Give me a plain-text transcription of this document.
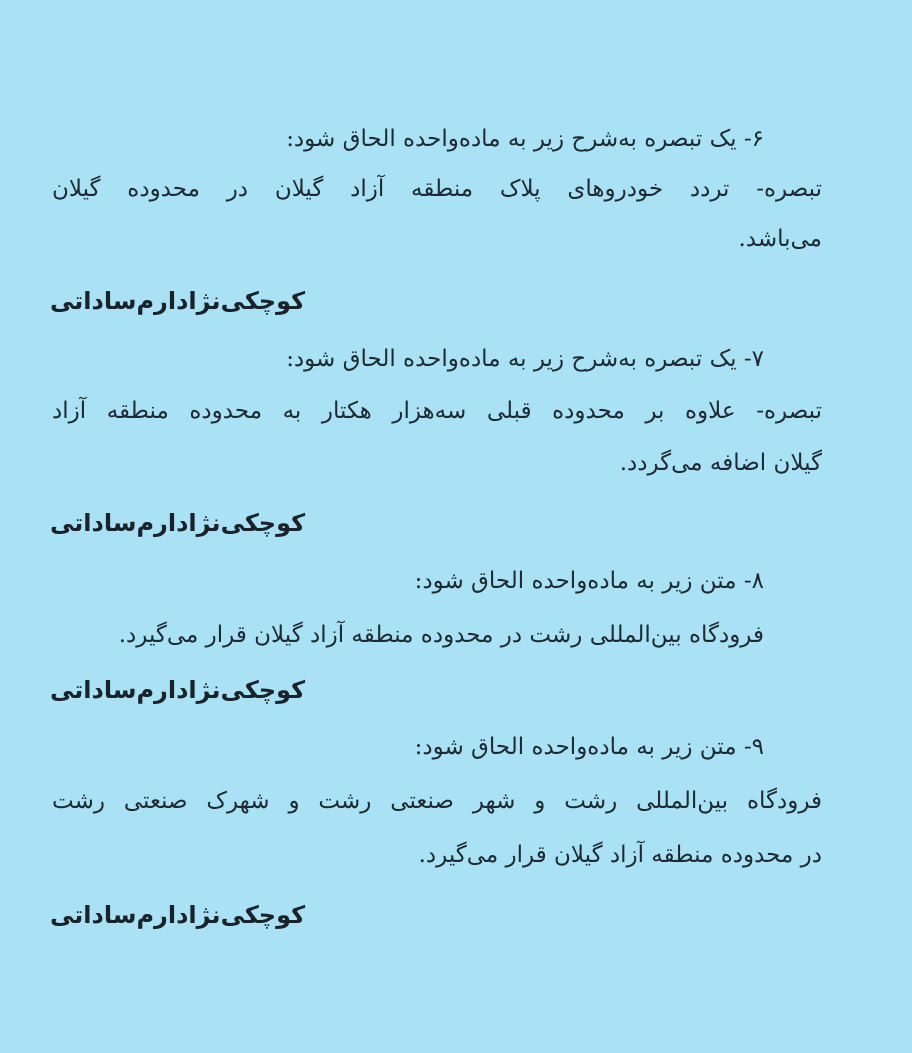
۶- یک تبصره به‌شرح زیر به ماده‌واحده الحاق شود:
تبصره- تردد خودروهای پلاک منطقه آزاد گیلان در محدوده گیلان
می‌باشد.
کوچکی‌نژادارم‌ساداتی
۷- یک تبصره به‌شرح زیر به ماده‌واحده الحاق شود:
تبصره- علاوه بر محدوده قبلی سه‌هزار هکتار به محدوده منطقه آزاد
گیلان اضافه می‌گردد.
کوچکی‌نژادارم‌ساداتی
۸- متن زیر به ماده‌واحده الحاق شود:
فرودگاه بین‌المللی رشت در محدوده منطقه آزاد گیلان قرار می‌گیرد.
کوچکی‌نژادارم‌ساداتی
۹- متن زیر به ماده‌واحده الحاق شود:
فرودگاه بین‌المللی رشت و شهر صنعتی رشت و شهرک صنعتی رشت
در محدوده منطقه آزاد گیلان قرار می‌گیرد.
کوچکی‌نژادارم‌ساداتی
